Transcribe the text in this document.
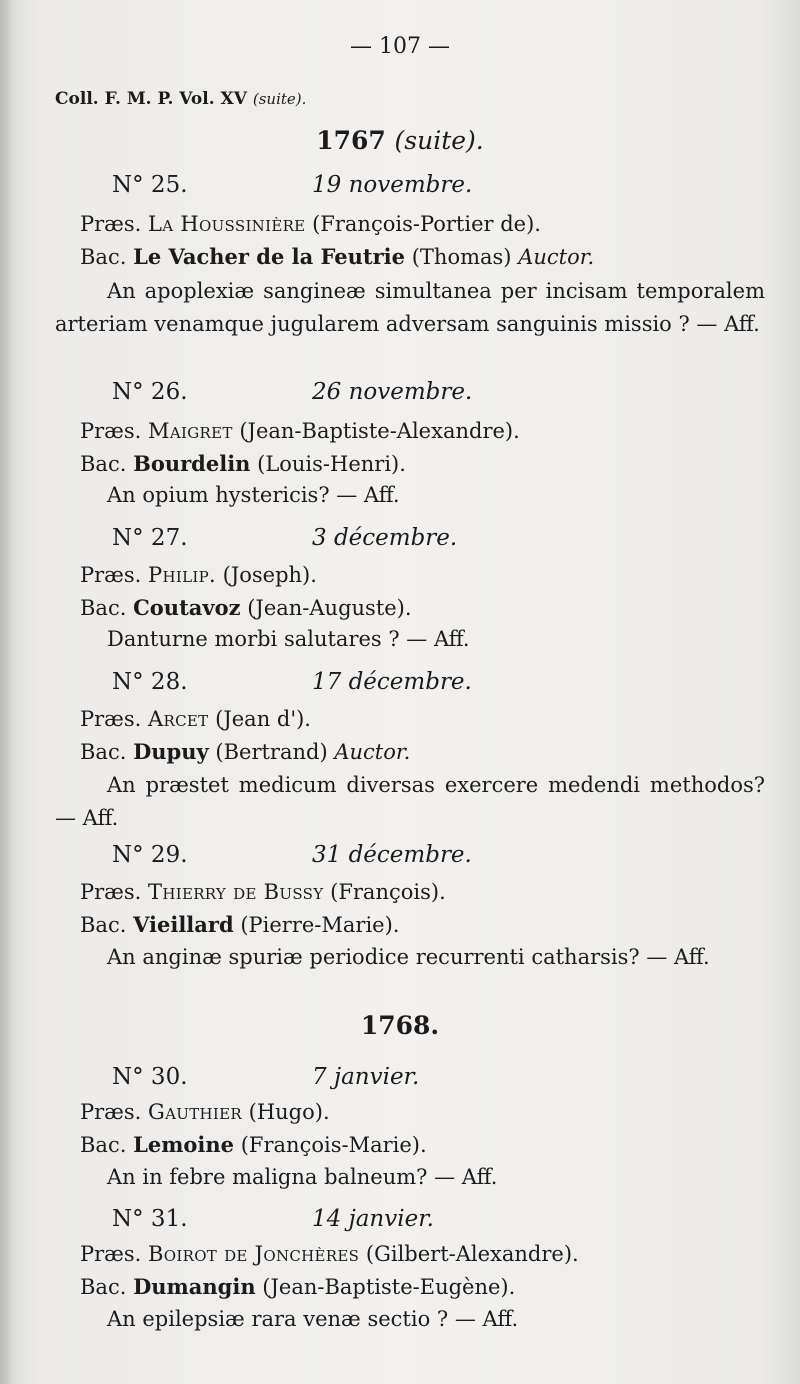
— 107 —
Coll. F. M. P. Vol. XV (suite).
1767 (suite).
N° 25.	19 novembre.
Præs. La Houssinière (François-Portier de).
Bac. Le Vacher de la Feutrie (Thomas) Auctor.
An apoplexiæ sangineæ simultanea per incisam temporalem arteriam venamque jugularem adversam sanguinis missio ? — Aff.
N° 26.	26 novembre.
Præs. Maigret (Jean-Baptiste-Alexandre).
Bac. Bourdelin (Louis-Henri).
An opium hystericis? — Aff.
N° 27.	3 décembre.
Præs. Philip. (Joseph).
Bac. Coutavoz (Jean-Auguste).
Danturne morbi salutares ? — Aff.
N° 28.	17 décembre.
Præs. Arcet (Jean d').
Bac. Dupuy (Bertrand) Auctor.
An præstet medicum diversas exercere medendi methodos? — Aff.
N° 29.	31 décembre.
Præs. Thierry de Bussy (François).
Bac. Vieillard (Pierre-Marie).
An anginæ spuriæ periodice recurrenti catharsis? — Aff.
1768.
N° 30.	7 janvier.
Præs. Gauthier (Hugo).
Bac. Lemoine (François-Marie).
An in febre maligna balneum? — Aff.
N° 31.	14 janvier.
Præs. Boirot de Jonchères (Gilbert-Alexandre).
Bac. Dumangin (Jean-Baptiste-Eugène).
An epilepsiæ rara venæ sectio ? — Aff.
